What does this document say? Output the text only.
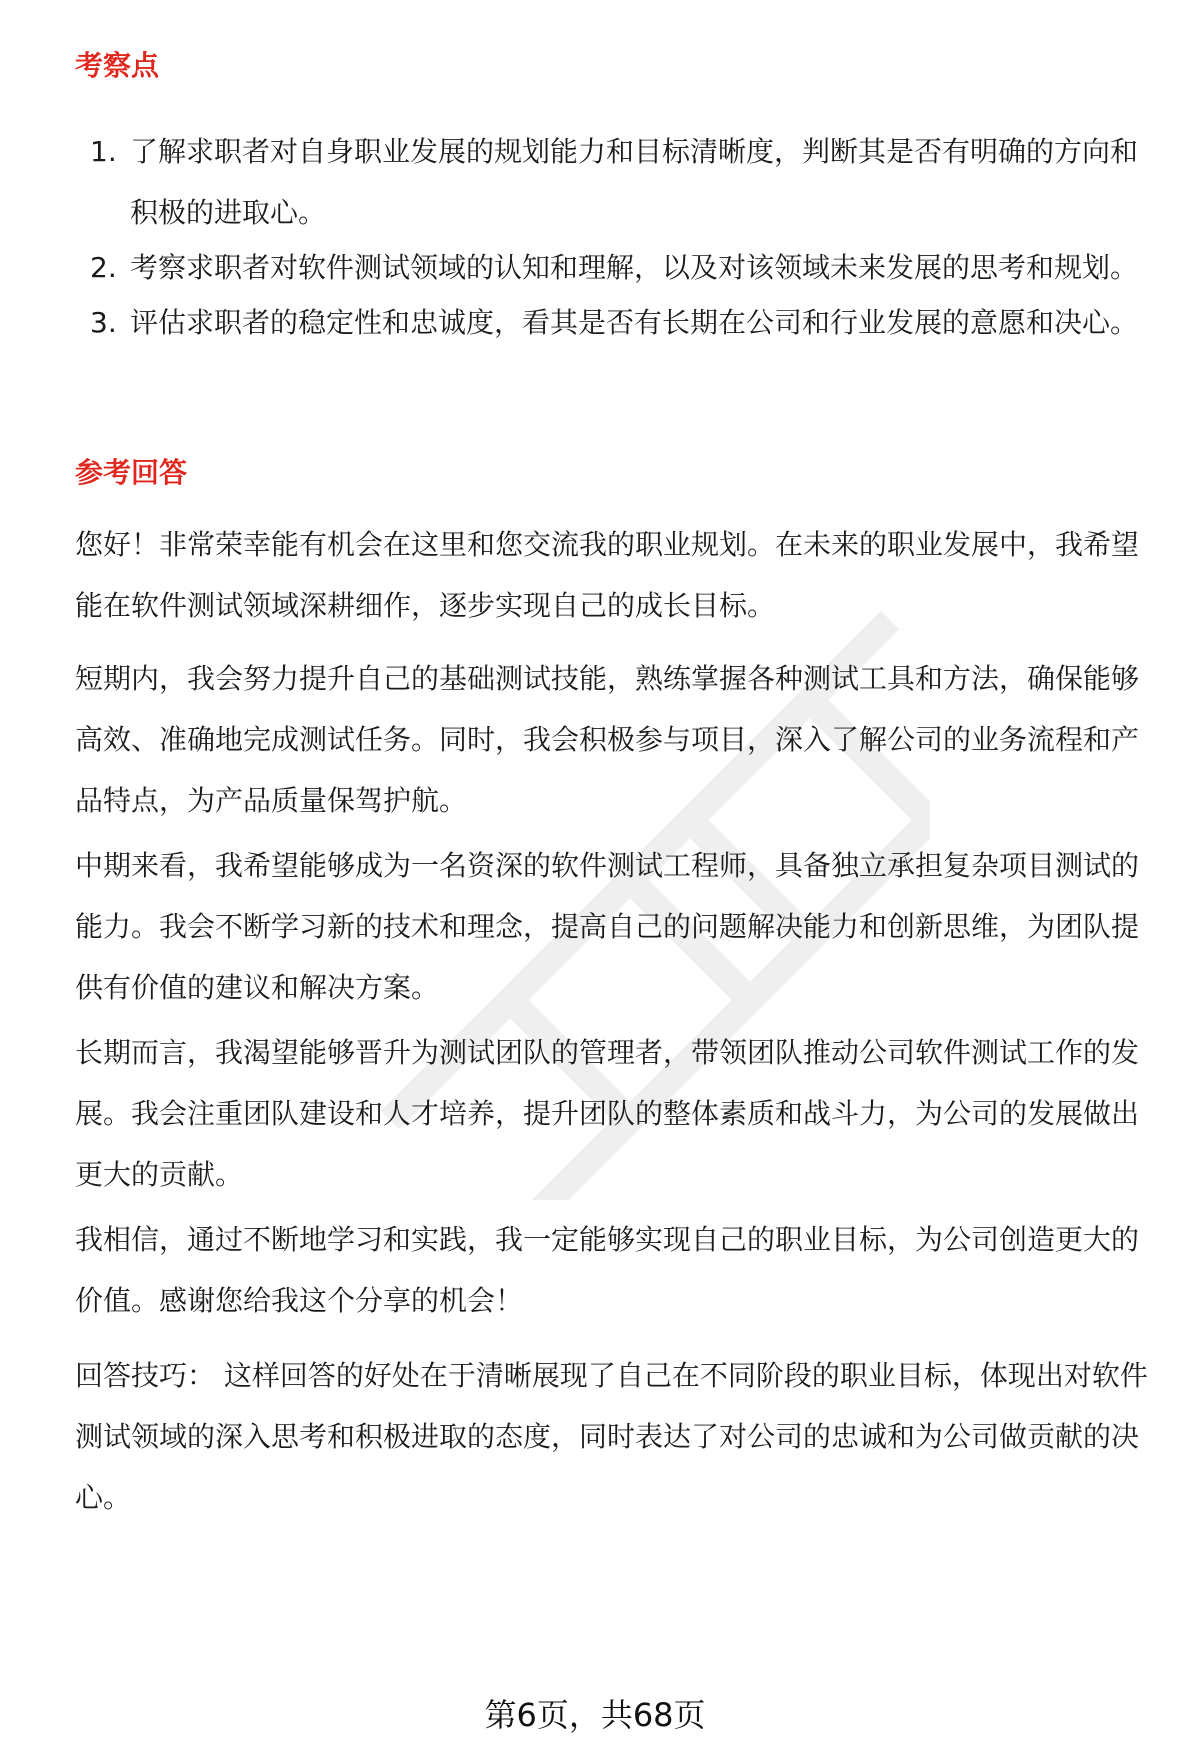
考察点
1. 了解求职者对自身职业发展的规划能力和目标清晰度，判断其是否有明确的方向和积极的进取心。
2. 考察求职者对软件测试领域的认知和理解，以及对该领域未来发展的思考和规划。
3. 评估求职者的稳定性和忠诚度，看其是否有长期在公司和行业发展的意愿和决心。
参考回答

您好！非常荣幸能有机会在这里和您交流我的职业规划。在未来的职业发展中，我希望能在软件测试领域深耕细作，逐步实现自己的成长目标。

短期内，我会努力提升自己的基础测试技能，熟练掌握各种测试工具和方法，确保能够高效、准确地完成测试任务。同时，我会积极参与项目，深入了解公司的业务流程和产品特点，为产品质量保驾护航。

中期来看，我希望能够成为一名资深的软件测试工程师，具备独立承担复杂项目测试的能力。我会不断学习新的技术和理念，提高自己的问题解决能力和创新思维，为团队提供有价值的建议和解决方案。

长期而言，我渴望能够晋升为测试团队的管理者，带领团队推动公司软件测试工作的发展。我会注重团队建设和人才培养，提升团队的整体素质和战斗力，为公司的发展做出更大的贡献。

我相信，通过不断地学习和实践，我一定能够实现自己的职业目标，为公司创造更大的价值。感谢您给我这个分享的机会！

回答技巧： 这样回答的好处在于清晰展现了自己在不同阶段的职业目标，体现出对软件测试领域的深入思考和积极进取的态度，同时表达了对公司的忠诚和为公司做贡献的决心。

第6页，共68页
